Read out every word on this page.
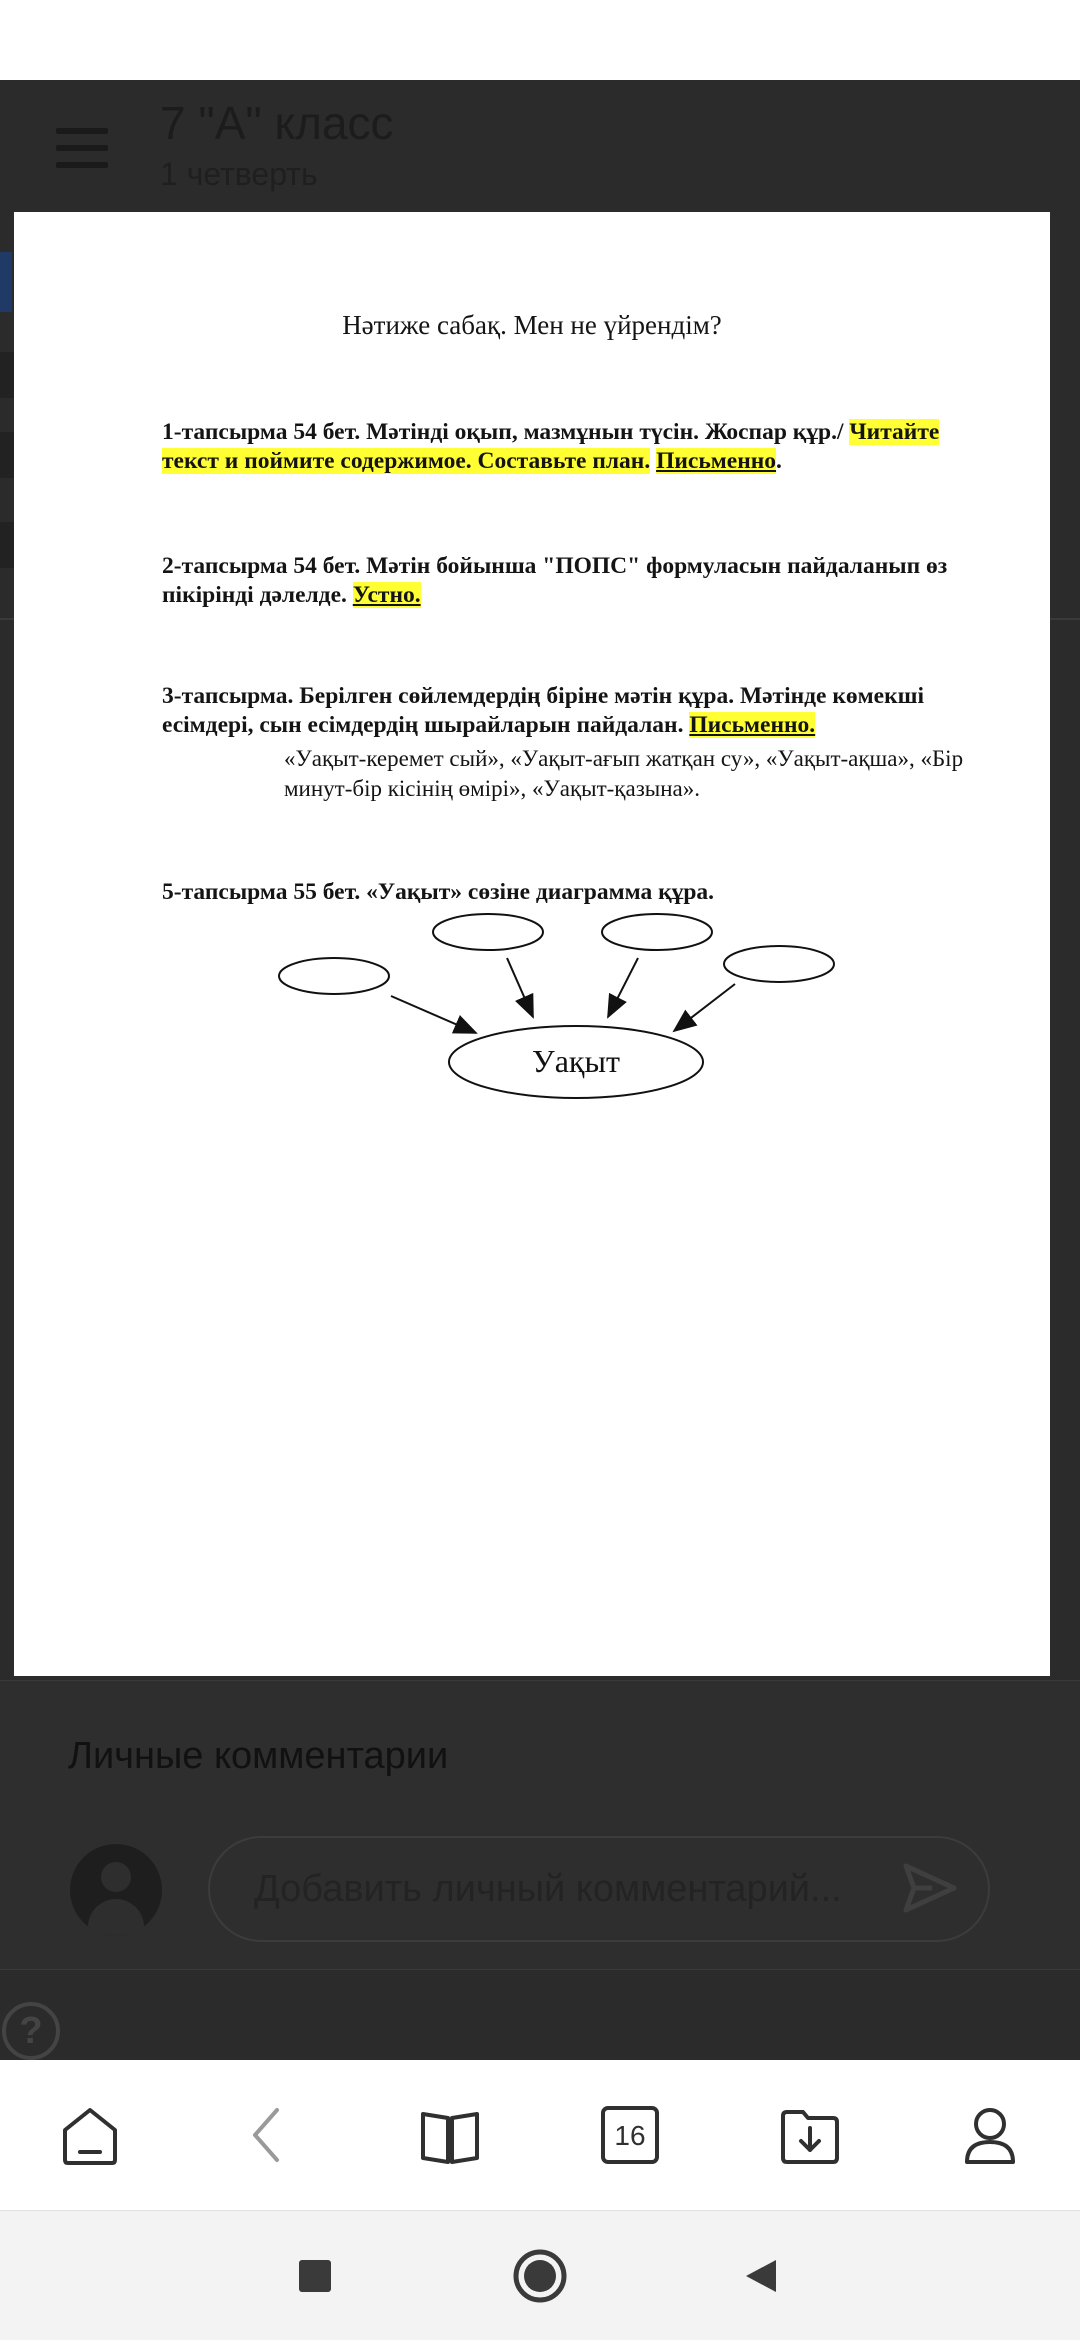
7 "A" класс
1 четверть
Личные комментарии
Добавить личный комментарий...
?
Нәтиже сабақ. Мен не үйрендім?
1-тапсырма 54 бет. Мәтінді оқып, мазмұнын түсін. Жоспар құр./ Читайте текст и поймите содержимое. Составьте план. Письменно.
2-тапсырма 54 бет. Мәтін бойынша "ПОПС" формуласын пайдаланып өз пікірінді дәлелде. Устно.
3-тапсырма. Берілген сөйлемдердің біріне мәтін құра. Мәтінде көмекші есімдері, сын есімдердің шырайларын пайдалан. Письменно.
«Уақыт-керемет сый», «Уақыт-ағып жатқан су», «Уақыт-ақша», «Бір минут-бір кісінің өмірі», «Уақыт-қазына».
5-тапсырма 55 бет. «Уақыт» сөзіне диаграмма құра.
Уақыт
16
